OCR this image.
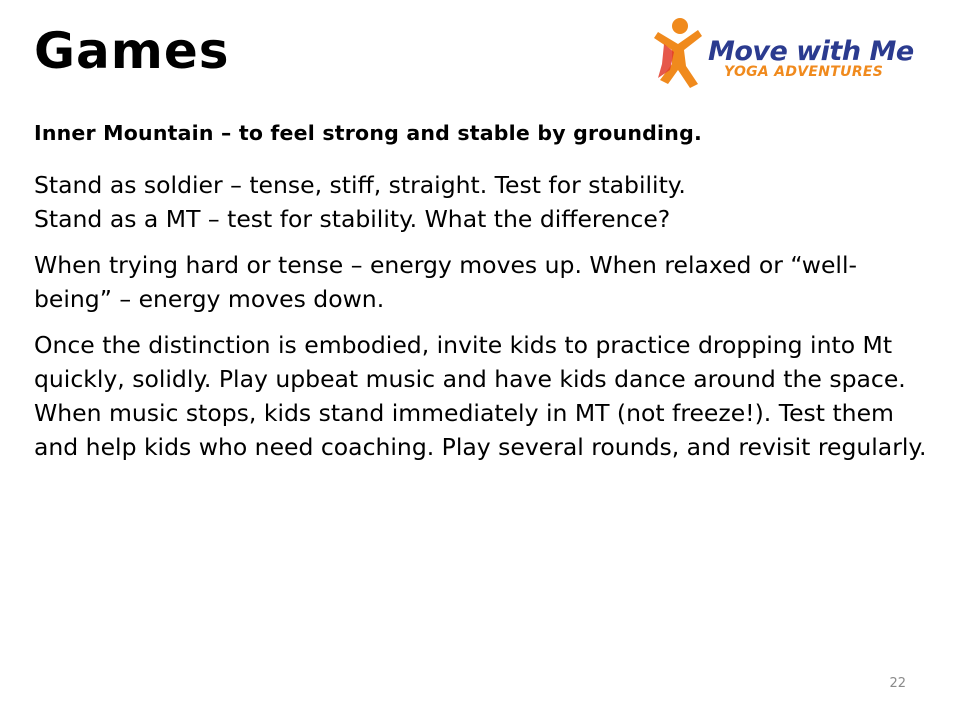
Games	Move with Me
YOGA ADVENTURES

Inner Mountain – to feel strong and stable by grounding.

Stand as soldier – tense, stiff, straight. Test for stability.

Stand as a MT – test for stability. What the difference?

When trying hard or tense – energy moves up. When relaxed or “well-being” – energy moves down.

Once the distinction is embodied, invite kids to practice dropping into Mt quickly, solidly. Play upbeat music and have kids dance around the space. When music stops, kids stand immediately in MT (not freeze!). Test them and help kids who need coaching. Play several rounds, and revisit regularly.

22
